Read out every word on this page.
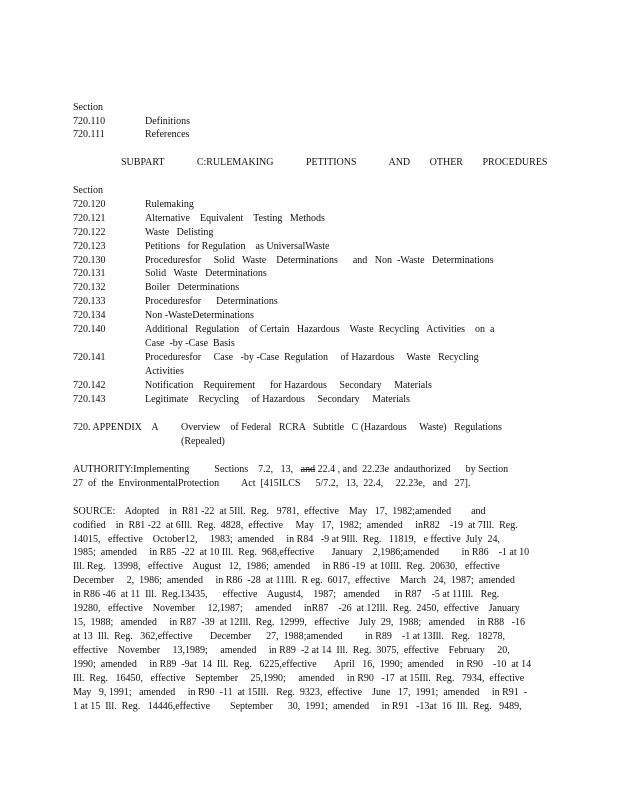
Section
720.110	Definitions
720.111	References
SUBPART     C:RULEMAKING     PETITIONS     AND   OTHER   PROCEDURES
Section
720.120	Rulemaking
720.121	Alternative    Equivalent    Testing   Methods
720.122	Waste   Delisting
720.123	Petitions   for Regulation    as UniversalWaste
720.130	Proceduresfor     Solid   Waste    Determinations      and   Non  -Waste   Determinations
720.131	Solid   Waste   Determinations
720.132	Boiler   Determinations
720.133	Proceduresfor      Determinations
720.134	Non -WasteDeterminations
720.140	Additional   Regulation    of Certain   Hazardous    Waste  Recycling   Activities    on  a
Case  -by -Case  Basis
720.141	Proceduresfor     Case   -by -Case  Regulation     of Hazardous     Waste   Recycling
Activities
720.142	Notification    Requirement      for Hazardous     Secondary     Materials
720.143	Legitimate    Recycling     of Hazardous     Secondary     Materials
720. APPENDIX    A Overview    of Federal   RCRA   Subtitle   C (Hazardous     Waste)   Regulations
(Repealed)
AUTHORITY:Implementing          Sections    7.2,   13,   and 22.4 , and  22.23e  andauthorized      by Section
27  of  the  EnvironmentalProtection         Act  [415ILCS      5/7.2,   13,  22.4,     22.23e,   and   27].
SOURCE:    Adopted    in  R81 -22  at 5Ill.  Reg.   9781,  effective    May   17,  1982;amended        and
codified    in  R81 -22  at 6Ill.  Reg.  4828,  effective     May   17,  1982;  amended     inR82    -19  at 7Ill.  Reg.
14015,   effective    October12,     1983;  amended     in R84   -9 at 9Ill.  Reg.   11819,   e ffective  July  24,
1985;  amended     in R85  -22  at 10 Ill.  Reg.  968,effective       January    2,1986;amended         in R86    -1 at 10
Ill. Reg.   13998,   effective    August   12,  1986;  amended     in R86 -19  at 10Ill.  Reg.  20630,   effective
December     2,  1986;  amended     in R86  -28  at 11Ill.  R eg.  6017,  effective    March   24,  1987;  amended
in R86 -46  at 11  Ill.  Reg.13435,      effective    August4,    1987;   amended      in R87    -5 at 11Ill.   Reg.
19280,   effective    November     12,1987;     amended     inR87    -26  at 12Ill.  Reg.  2450,  effective    January
15,  1988;   amended     in R87  -39  at 12Ill.  Reg.  12999,   effective    July  29,  1988;   amended     in R88   -16
at 13  Ill.  Reg.   362,effective       December      27,  1988;amended         in R89    -1 at 13Ill.   Reg.   18278,
effective    November     13,1989;     amended     in R89  -2 at 14  Ill.  Reg.  3075,  effective    February     20,
1990;  amended     in R89  -9at  14  Ill.  Reg.   6225,effective       April   16,  1990;  amended     in R90    -10  at 14
Ill.  Reg.   16450,   effective    September     25,1990;     amended     in R90   -17  at 15Ill.  Reg.   7934,  effective
May   9, 1991;   amended     in R90  -11  at 15Ill.   Reg.  9323,  effective    June   17,  1991;  amended     in R91  -
1 at 15  Ill.  Reg.   14446,effective        September      30,  1991;  amended     in R91   -13at  16  Ill.  Reg.   9489,
